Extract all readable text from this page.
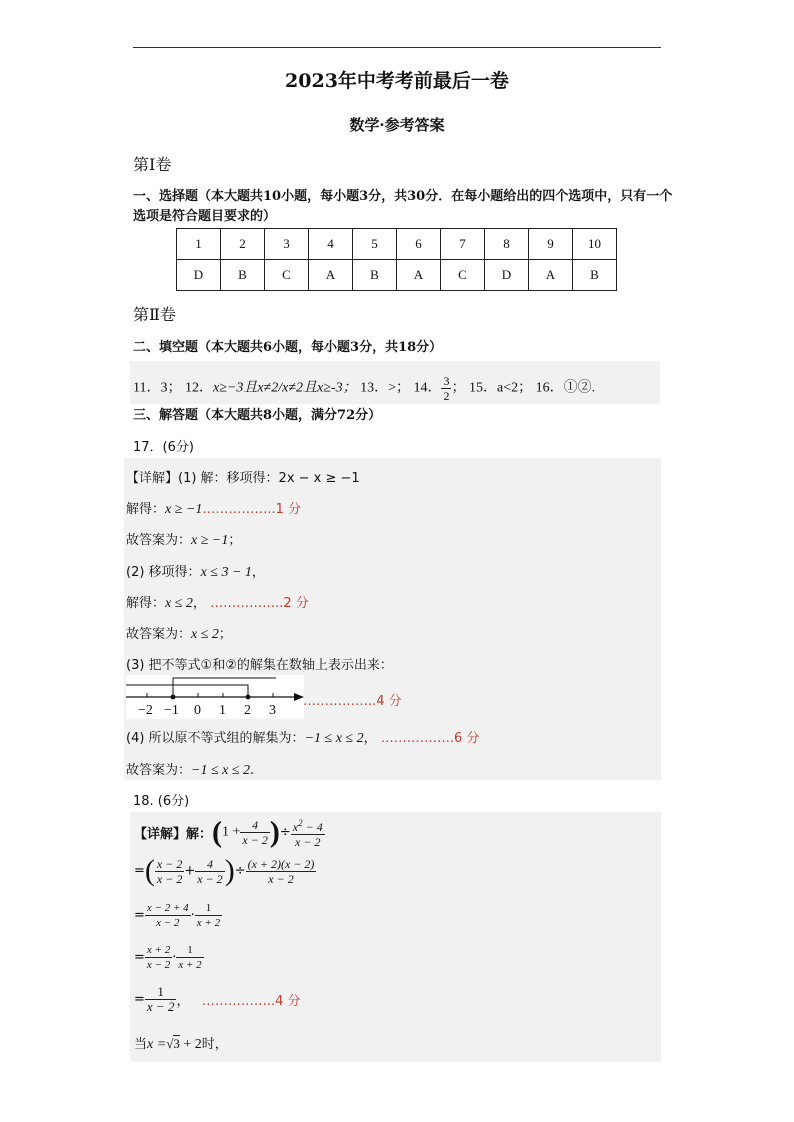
2023年中考考前最后一卷
数学·参考答案
第Ⅰ卷
一、选择题（本大题共10小题，每小题3分，共30分．在每小题给出的四个选项中，只有一个选项是符合题目要求的）
1	2	3	4	5	6	7	8	9	10
D	B	C	A	B	A	C	D	A	B
第Ⅱ卷
二、填空题（本大题共6小题，每小题3分，共18分）
11．3； 12．x≥−3且x≠2/x≠2且x≥-3； 13．>； 14． $\frac{3}{2}$ ； 15．a<2； 16．①②.
三、解答题（本大题共8小题，满分72分）
17．(6分)
【详解】(1) 解：移项得：2x − x ≥ −1
解得：x ≥ −1……………..1 分
故答案为：x ≥ −1；
(2) 移项得：x ≤ 3 − 1，
解得：x ≤ 2， ……………..2 分
故答案为：x ≤ 2；
(3) 把不等式①和②的解集在数轴上表示出来：
−2 −1 0 1 2 3
……………..4 分
(4) 所以原不等式组的解集为：−1 ≤ x ≤ 2， ……………..6 分
故答案为：−1 ≤ x ≤ 2.
18. (6分)
【详解】解：($1 + \frac{4}{x - 2}$ )÷ $\frac{x^2 - 4}{x - 2}$
=( $\frac{x - 2}{x - 2} + \frac{4}{x - 2}$ )÷ $\frac{(x + 2)(x - 2)}{x - 2}$
= $\frac{x - 2 + 4}{x - 2} \cdot \frac{1}{x + 2}$
= $\frac{x + 2}{x - 2} \cdot \frac{1}{x + 2}$
= $\frac{1}{x - 2}$ ， ……………..4 分
当x =√3 + 2时，
